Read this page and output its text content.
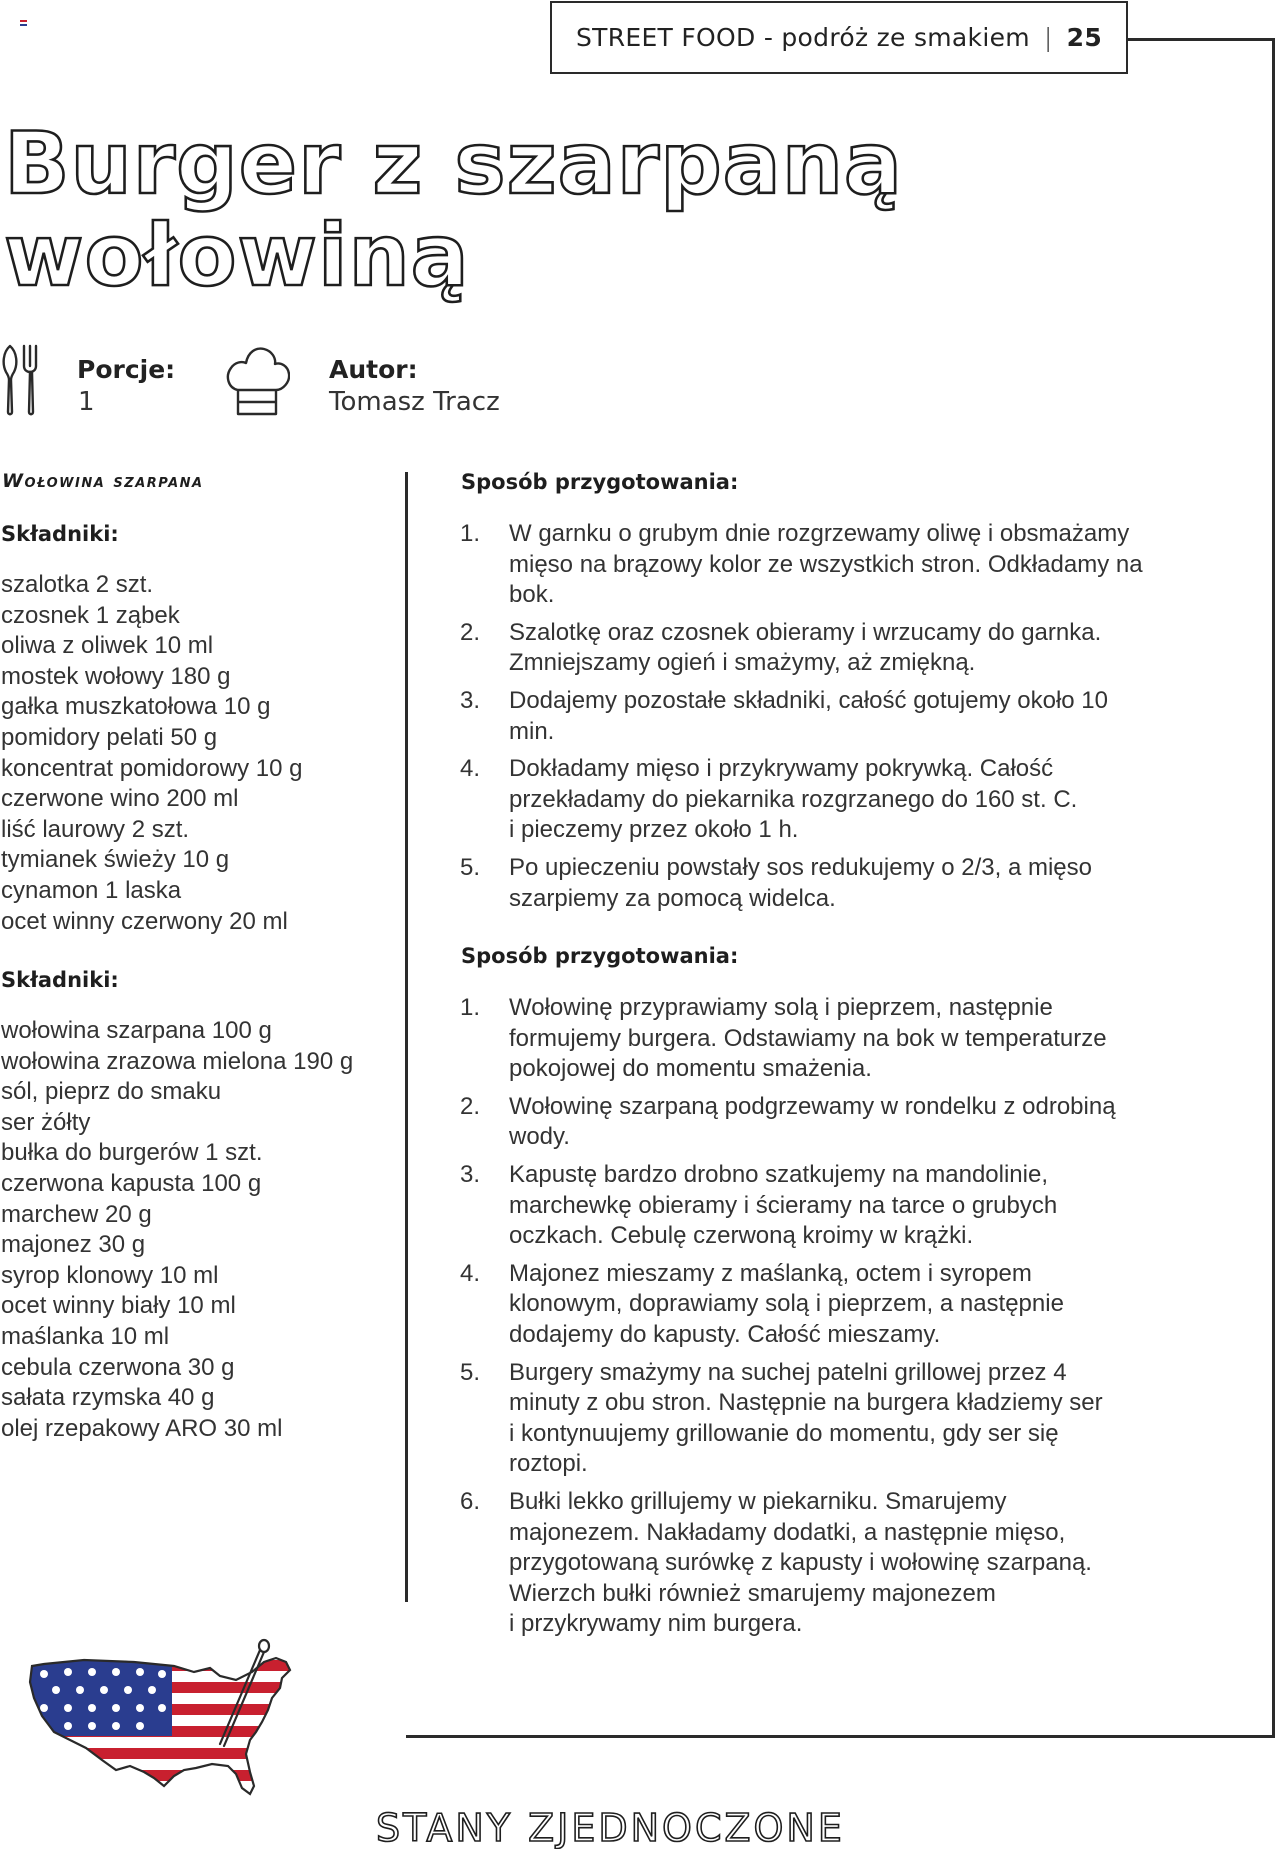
STREET FOOD
- podróż ze smakiem | 25
Burger z szarpaną
wołowiną
Porcje:
1
Autor:
Tomasz Tracz
Wołowina szarpana
Składniki:
szalotka 2 szt.
czosnek 1 ząbek
oliwa z oliwek 10 ml
mostek wołowy 180 g
gałka muszkatołowa 10 g
pomidory pelati 50 g
koncentrat pomidorowy 10 g
czerwone wino 200 ml
liść laurowy 2 szt.
tymianek świeży 10 g
cynamon 1 laska
ocet winny czerwony 20 ml
Składniki:
wołowina szarpana 100 g
wołowina zrazowa mielona 190 g
sól, pieprz do smaku
ser żółty
bułka do burgerów 1 szt.
czerwona kapusta 100 g
marchew 20 g
majonez 30 g
syrop klonowy 10 ml
ocet winny biały 10 ml
maślanka 10 ml
cebula czerwona 30 g
sałata rzymska 40 g
olej rzepakowy ARO 30 ml
Sposób przygotowania:
1. W garnku o grubym dnie rozgrzewamy oliwę i obsmażamy
mięso na brązowy kolor ze wszystkich stron. Odkładamy na
bok.
2. Szalotkę oraz czosnek obieramy i wrzucamy do garnka.
Zmniejszamy ogień i smażymy, aż zmiękną.
3. Dodajemy pozostałe składniki, całość gotujemy około 10
min.
4. Dokładamy mięso i przykrywamy pokrywką. Całość
przekładamy do piekarnika rozgrzanego do 160 st. C.
i pieczemy przez około 1 h.
5. Po upieczeniu powstały sos redukujemy o 2/3, a mięso
szarpiemy za pomocą widelca.
Sposób przygotowania:
1. Wołowinę przyprawiamy solą i pieprzem, następnie
formujemy burgera. Odstawiamy na bok w temperaturze
pokojowej do momentu smażenia.
2. Wołowinę szarpaną podgrzewamy w rondelku z odrobiną
wody.
3. Kapustę bardzo drobno szatkujemy na mandolinie,
marchewkę obieramy i ścieramy na tarce o grubych
oczkach. Cebulę czerwoną kroimy w krążki.
4. Majonez mieszamy z maślanką, octem i syropem
klonowym, doprawiamy solą i pieprzem, a następnie
dodajemy do kapusty. Całość mieszamy.
5. Burgery smażymy na suchej patelni grillowej przez 4
minuty z obu stron. Następnie na burgera kładziemy ser
i kontynuujemy grillowanie do momentu, gdy ser się
roztopi.
6. Bułki lekko grillujemy w piekarniku. Smarujemy
majonezem. Nakładamy dodatki, a następnie mięso,
przygotowaną surówkę z kapusty i wołowinę szarpaną.
Wierzch bułki również smarujemy majonezem
i przykrywamy nim burgera.
STANY ZJEDNOCZONE
